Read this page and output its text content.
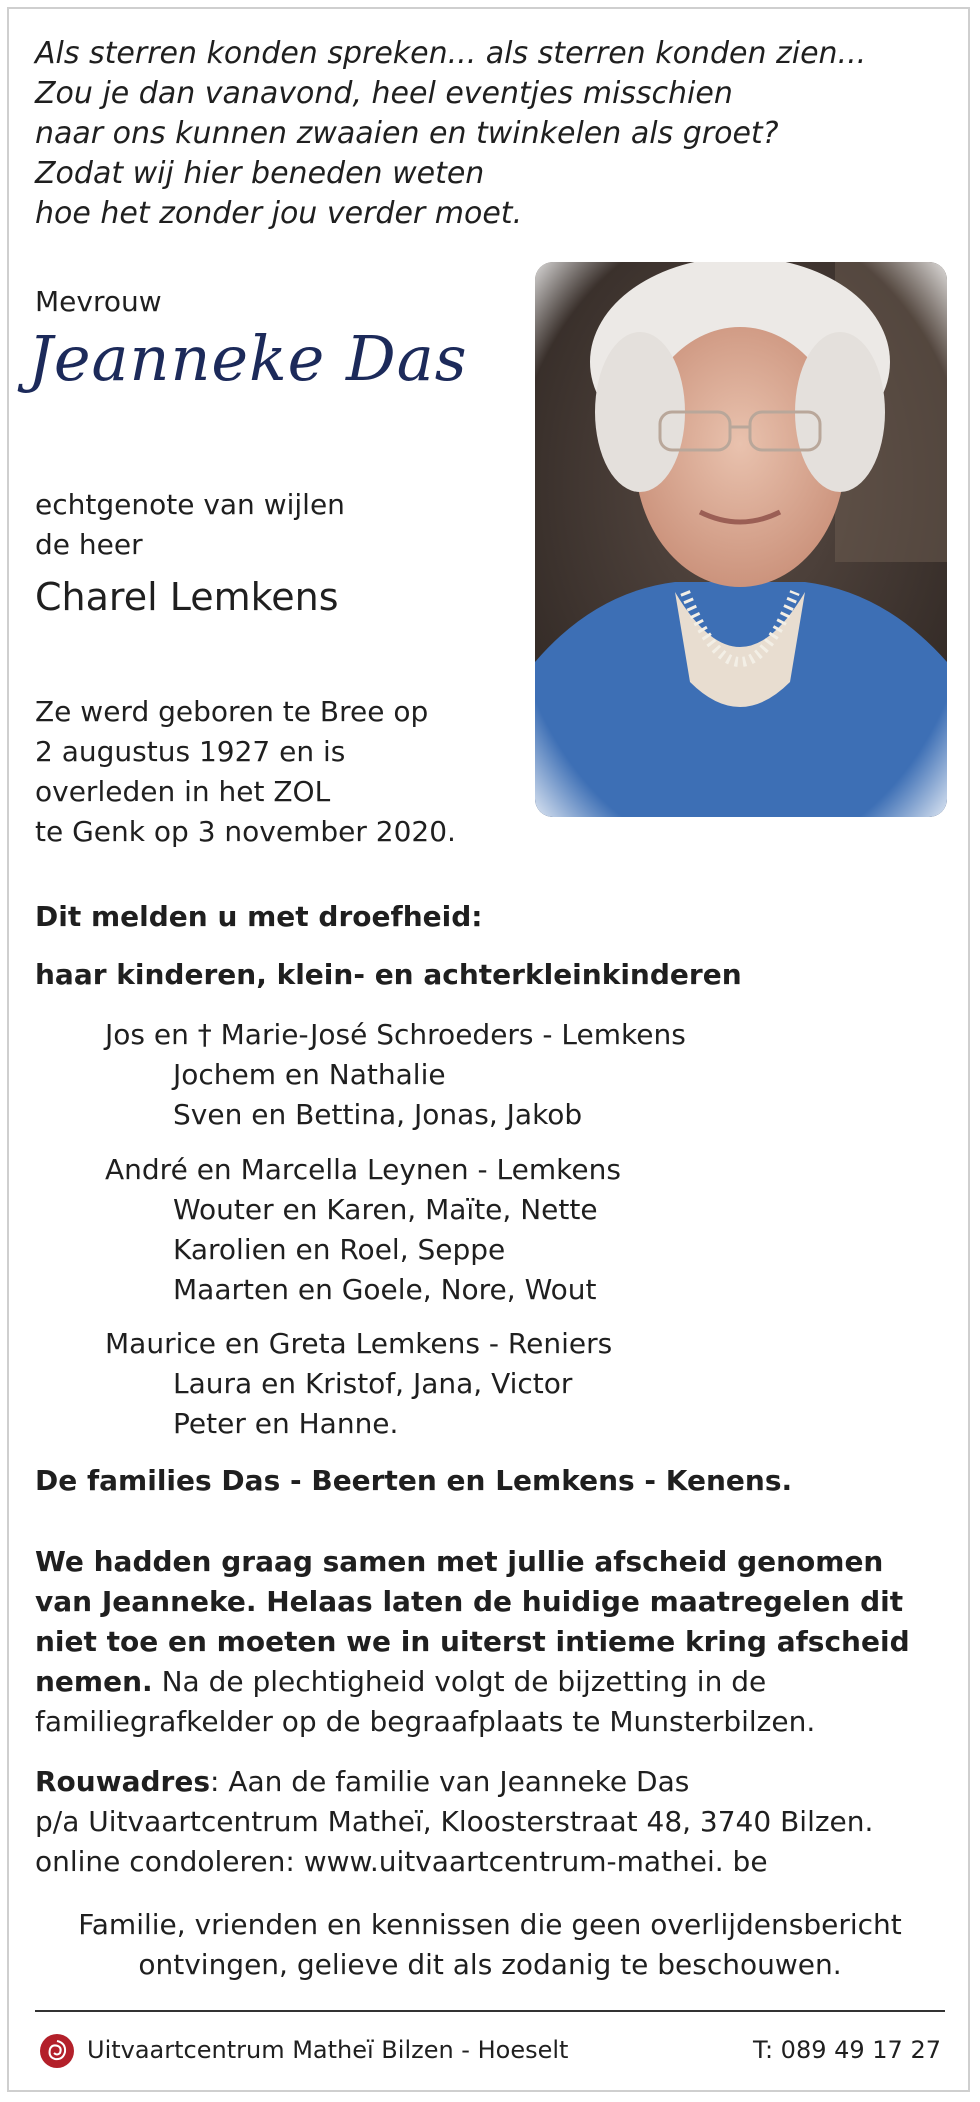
Als sterren konden spreken... als sterren konden zien...
Zou je dan vanavond, heel eventjes misschien
naar ons kunnen zwaaien en twinkelen als groet?
Zodat wij hier beneden weten
hoe het zonder jou verder moet.
Mevrouw
Jeanneke Das
echtgenote van wijlen
de heer
Charel Lemkens
Ze werd geboren te Bree op
2 augustus 1927 en is
overleden in het ZOL
te Genk op 3 november 2020.
Dit melden u met droefheid:
haar kinderen, klein- en achterkleinkinderen
Jos en † Marie-José Schroeders - Lemkens
Jochem en Nathalie
Sven en Bettina, Jonas, Jakob
André en Marcella Leynen - Lemkens
Wouter en Karen, Maïte, Nette
Karolien en Roel, Seppe
Maarten en Goele, Nore, Wout
Maurice en Greta Lemkens - Reniers
Laura en Kristof, Jana, Victor
Peter en Hanne.
De families Das - Beerten en Lemkens - Kenens.
We hadden graag samen met jullie afscheid genomen van Jeanneke. Helaas laten de huidige maatregelen dit niet toe en moeten we in uiterst intieme kring afscheid nemen. Na de plechtigheid volgt de bijzetting in de familiegrafkelder op de begraafplaats te Munsterbilzen.
Rouwadres: Aan de familie van Jeanneke Das
p/a Uitvaartcentrum Matheï, Kloosterstraat 48, 3740 Bilzen.
online condoleren: www.uitvaartcentrum-mathei. be
Familie, vrienden en kennissen die geen overlijdensbericht ontvingen, gelieve dit als zodanig te beschouwen.
Uitvaartcentrum Matheï Bilzen - Hoeselt	T: 089 49 17 27
